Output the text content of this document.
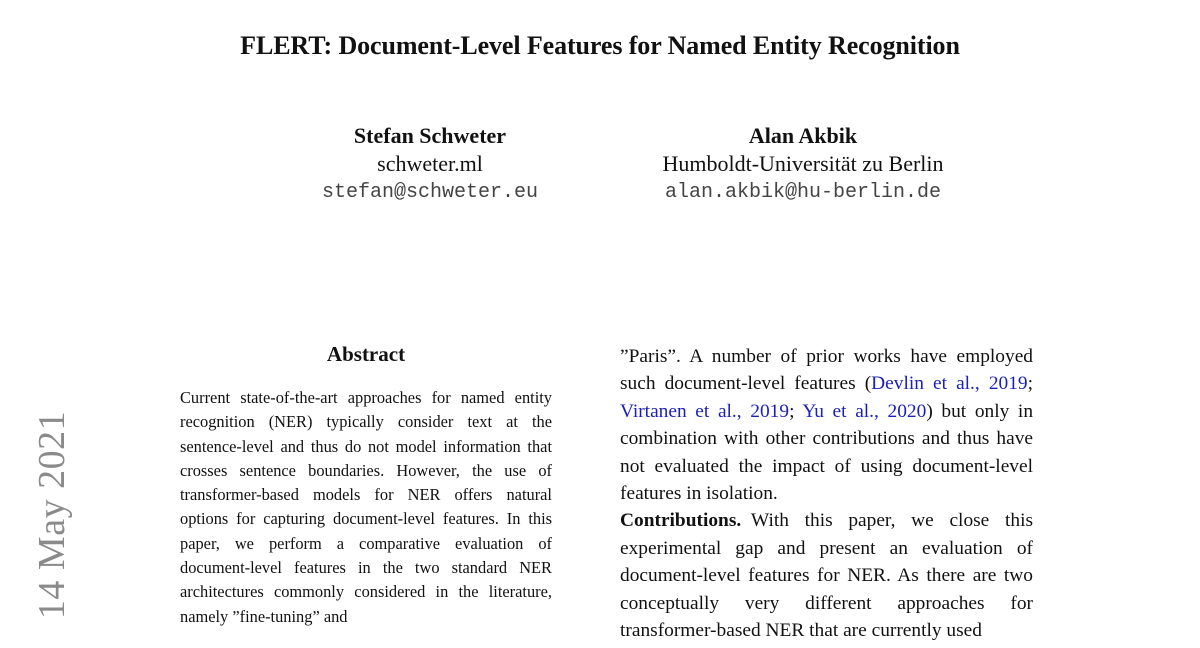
FLERT: Document-Level Features for Named Entity Recognition
Stefan Schweter
schweter.ml
stefan@schweter.eu
Alan Akbik
Humboldt-Universität zu Berlin
alan.akbik@hu-berlin.de
14 May 2021
Abstract
Current state-of-the-art approaches for named entity recognition (NER) typically consider text at the sentence-level and thus do not model information that crosses sentence boundaries. However, the use of transformer-based models for NER offers natural options for capturing document-level features. In this paper, we perform a comparative evaluation of document-level features in the two standard NER architectures commonly considered in the literature, namely ”fine-tuning” and

”Paris”. A number of prior works have employed such document-level features (Devlin et al., 2019; Virtanen et al., 2019; Yu et al., 2020) but only in combination with other contributions and thus have not evaluated the impact of using document-level features in isolation.

Contributions. With this paper, we close this experimental gap and present an evaluation of document-level features for NER. As there are two conceptually very different approaches for transformer-based NER that are currently used
